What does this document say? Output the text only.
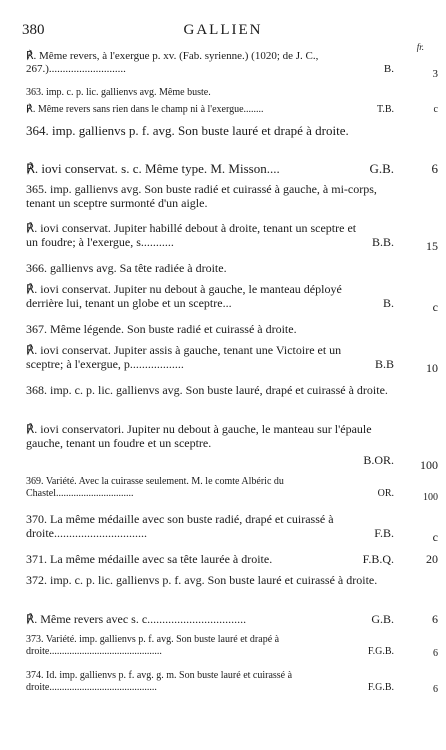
380	GALLIEN
fr.
℟. Même revers, à l'exergue p. xv. (Fab. syrienne.) (1020; de J. C., 267.)............................	B.	3
363. imp. c. p. lic. gallienvs avg. Même buste.
℟. Même revers sans rien dans le champ ni à l'exergue........	T.B.	c
364. imp. gallienvs p. f. avg. Son buste lauré et drapé à droite.
℟. iovi conservat. s. c. Même type. M. Misson....	G.B.	6
365. imp. gallienvs avg. Son buste radié et cuirassé à gauche, à mi-corps, tenant un sceptre surmonté d'un aigle.
℟. iovi conservat. Jupiter habillé debout à droite, tenant un sceptre et un foudre; à l'exergue, s...........	B.B.	15
366. gallienvs avg. Sa tête radiée à droite.
℟. iovi conservat. Jupiter nu debout à gauche, le manteau déployé derrière lui, tenant un globe et un sceptre...	B.	c
367. Même légende. Son buste radié et cuirassé à droite.
℟. iovi conservat. Jupiter assis à gauche, tenant une Victoire et un sceptre; à l'exergue, p..................	B.B	10
368. imp. c. p. lic. gallienvs avg. Son buste lauré, drapé et cuirassé à droite.
℟. iovi conservatori. Jupiter nu debout à gauche, le manteau sur l'épaule gauche, tenant un foudre et un sceptre.
B.OR.	100
369. Variété. Avec la cuirasse seulement. M. le comte Albéric du Chastel...............................	OR.	100
370. La même médaille avec son buste radié, drapé et cuirassé à droite...............................	F.B.	c
371. La même médaille avec sa tête laurée à droite.	F.B.Q.	20
372. imp. c. p. lic. gallienvs p. f. avg. Son buste lauré et cuirassé à droite.
℟. Même revers avec s. c.................................	G.B.	6
373. Variété. imp. gallienvs p. f. avg. Son buste lauré et drapé à droite.............................................	F.G.B.	6
374. Id. imp. gallienvs p. f. avg. g. m. Son buste lauré et cuirassé à droite...........................................	F.G.B.	6
